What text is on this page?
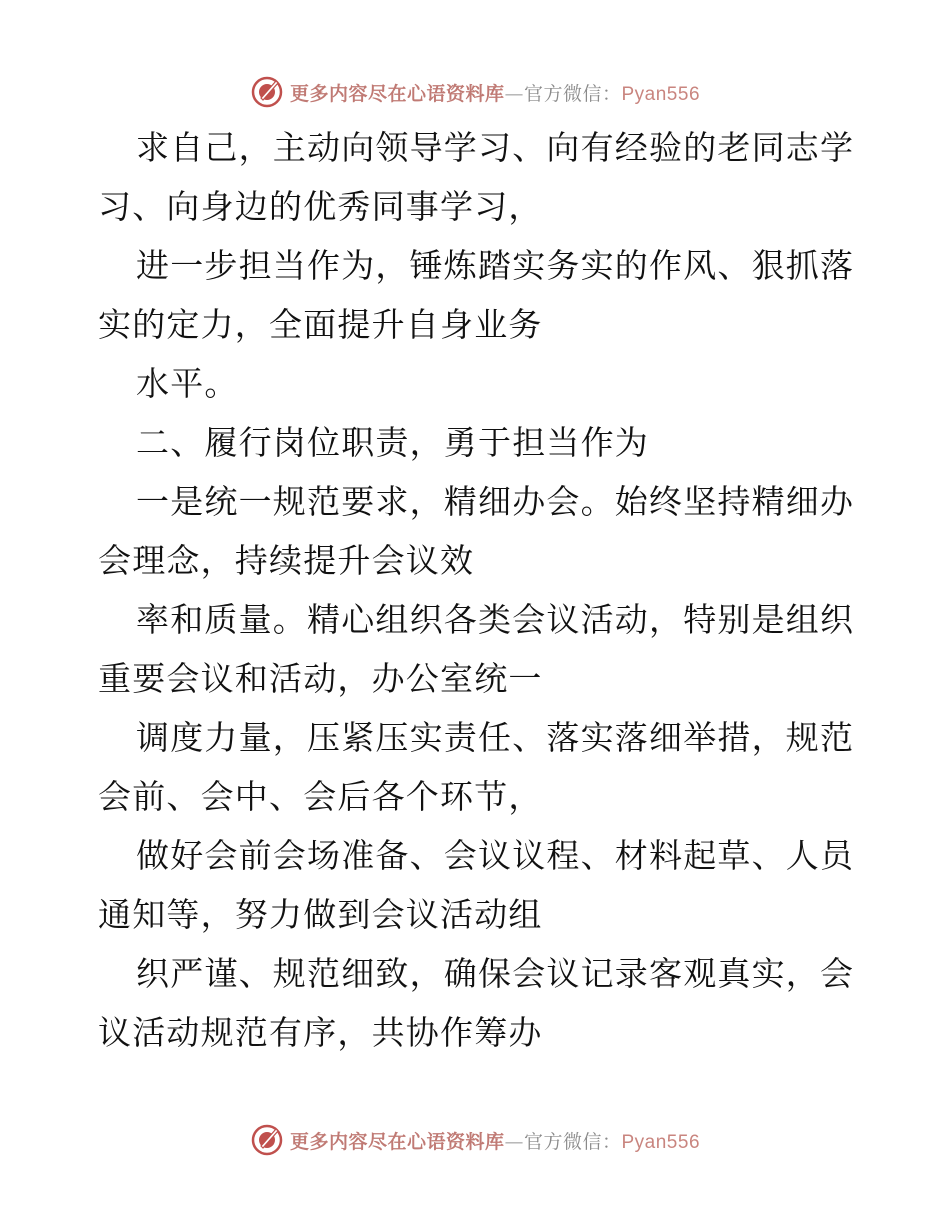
更多内容尽在心语资料库—官方微信：Pyan556
求自己，主动向领导学习、向有经验的老同志学
习、向身边的优秀同事学习，
进一步担当作为，锤炼踏实务实的作风、狠抓落
实的定力，全面提升自身业务
水平。
二、履行岗位职责，勇于担当作为
一是统一规范要求，精细办会。始终坚持精细办
会理念，持续提升会议效
率和质量。精心组织各类会议活动，特别是组织
重要会议和活动，办公室统一
调度力量，压紧压实责任、落实落细举措，规范
会前、会中、会后各个环节，
做好会前会场准备、会议议程、材料起草、人员
通知等，努力做到会议活动组
织严谨、规范细致，确保会议记录客观真实，会
议活动规范有序，共协作筹办
更多内容尽在心语资料库—官方微信：Pyan556
